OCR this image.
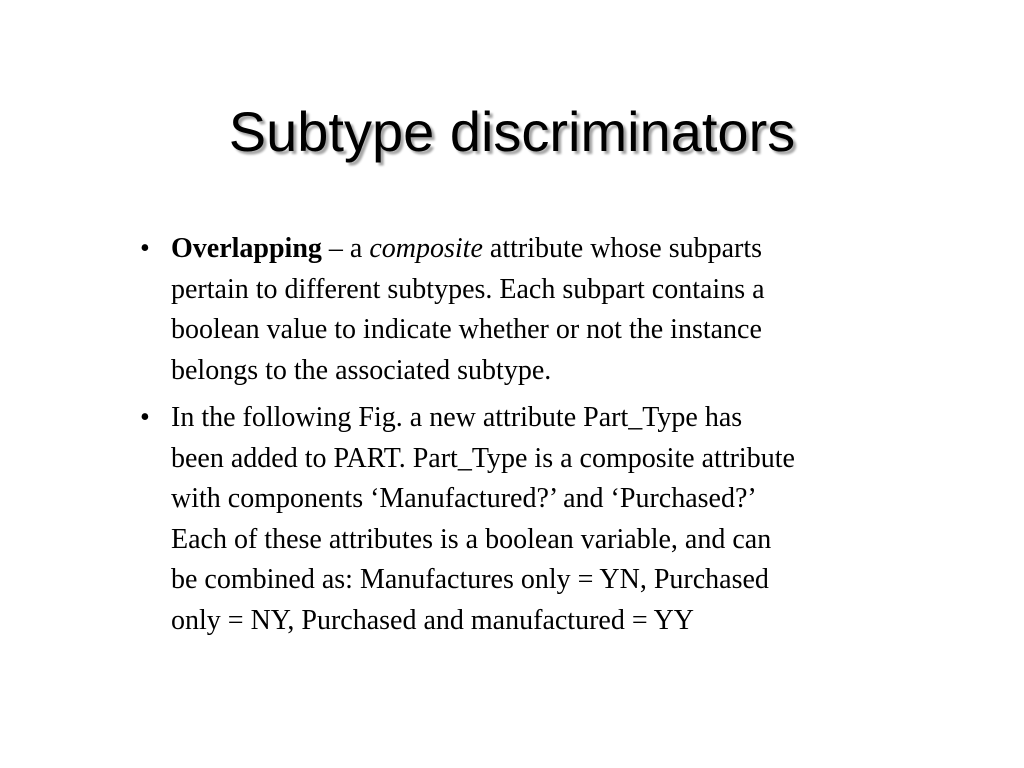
Subtype discriminators
• Overlapping – a composite attribute whose subparts
pertain to different subtypes. Each subpart contains a
boolean value to indicate whether or not the instance
belongs to the associated subtype.
• In the following Fig. a new attribute Part_Type has
been added to PART. Part_Type is a composite attribute
with components ‘Manufactured?’ and ‘Purchased?’
Each of these attributes is a boolean variable, and can
be combined as: Manufactures only = YN, Purchased
only = NY, Purchased and manufactured = YY
